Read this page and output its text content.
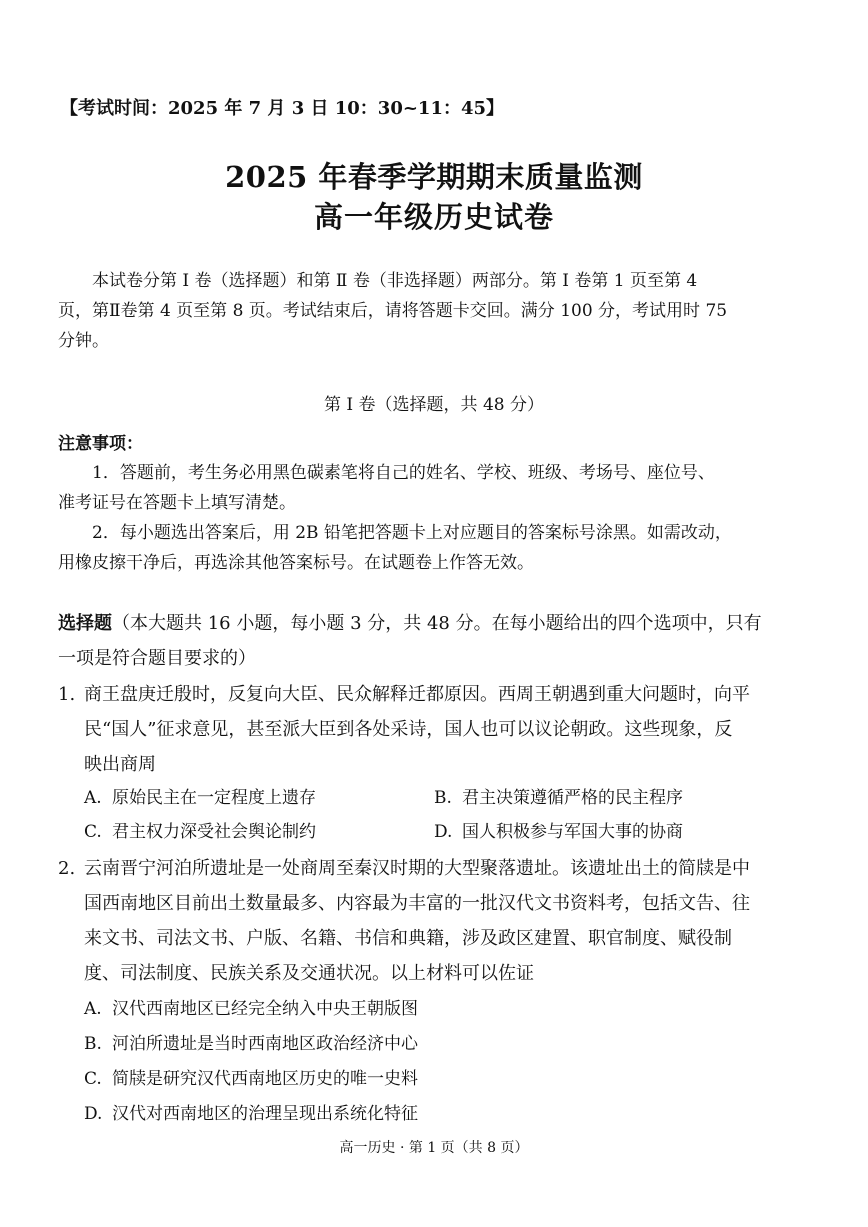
【考试时间：2025 年 7 月 3 日 10：30~11：45】
2025 年春季学期期末质量监测
高一年级历史试卷
本试卷分第 Ⅰ 卷（选择题）和第 Ⅱ 卷（非选择题）两部分。第 Ⅰ 卷第 1 页至第 4
页，第Ⅱ卷第 4 页至第 8 页。考试结束后，请将答题卡交回。满分 100 分，考试用时 75
分钟。
第 Ⅰ 卷（选择题，共 48 分）
注意事项：
1．答题前，考生务必用黑色碳素笔将自己的姓名、学校、班级、考场号、座位号、
准考证号在答题卡上填写清楚。
2．每小题选出答案后，用 2B 铅笔把答题卡上对应题目的答案标号涂黑。如需改动，
用橡皮擦干净后，再选涂其他答案标号。在试题卷上作答无效。
选择题（本大题共 16 小题，每小题 3 分，共 48 分。在每小题给出的四个选项中，只有
一项是符合题目要求的）
1. 商王盘庚迁殷时，反复向大臣、民众解释迁都原因。西周王朝遇到重大问题时，向平
民“国人”征求意见，甚至派大臣到各处采诗，国人也可以议论朝政。这些现象，反
映出商周
A. 原始民主在一定程度上遗存	B. 君主决策遵循严格的民主程序
C. 君主权力深受社会舆论制约	D. 国人积极参与军国大事的协商
2. 云南晋宁河泊所遗址是一处商周至秦汉时期的大型聚落遗址。该遗址出土的简牍是中
国西南地区目前出土数量最多、内容最为丰富的一批汉代文书资料考，包括文告、往
来文书、司法文书、户版、名籍、书信和典籍，涉及政区建置、职官制度、赋役制
度、司法制度、民族关系及交通状况。以上材料可以佐证
A. 汉代西南地区已经完全纳入中央王朝版图
B. 河泊所遗址是当时西南地区政治经济中心
C. 简牍是研究汉代西南地区历史的唯一史料
D. 汉代对西南地区的治理呈现出系统化特征
高一历史 · 第 1 页（共 8 页）
